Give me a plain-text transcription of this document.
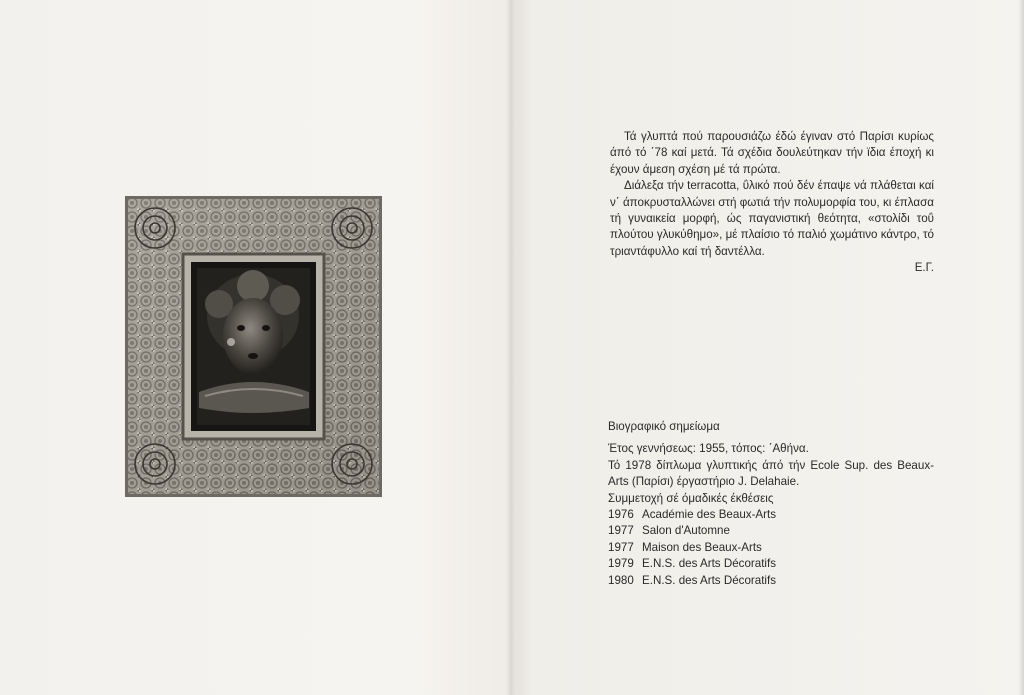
Τά γλυπτά πού παρουσιάζω έδώ έγιναν στό Παρίσι κυρίως άπό τό ΄78 καί μετά. Τά σχέδια δουλεύτηκαν τήν ϊδια έποχή κι έχουν άμεση σχέση μέ τά πρώτα.

Διάλεξα τήν terracotta, ΰλικό πού δέν έπαψε νά πλάθεται καί ν΄ άποκρυσταλλώνει στή φωτιά τήν πολυμορφία του, κι έπλασα τή γυναικεία μορφή, ώς παγανιστική θεότητα, «στολίδι τοΰ πλούτου γλυκύθημο», μέ πλαίσιο τό παλιό χωμάτινο κάντρο, τό τριαντάφυλλο καί τή δαντέλλα.

Ε.Γ.

Βιογραφικό σημείωμα

Έτος γεννήσεως: 1955, τόπος: ΄Αθήνα.

Τό 1978 δίπλωμα γλυπτικής άπό τήν Ecole Sup. des Beaux-Arts (Παρίσι) έργαστήριο J. Delahaie.

Συμμετοχή σέ όμαδικές έκθέσεις

1976 Académie des Beaux-Arts
1977 Salon d'Automne
1977 Maison des Beaux-Arts
1979 E.N.S. des Arts Décoratifs
1980 E.N.S. des Arts Décoratifs
